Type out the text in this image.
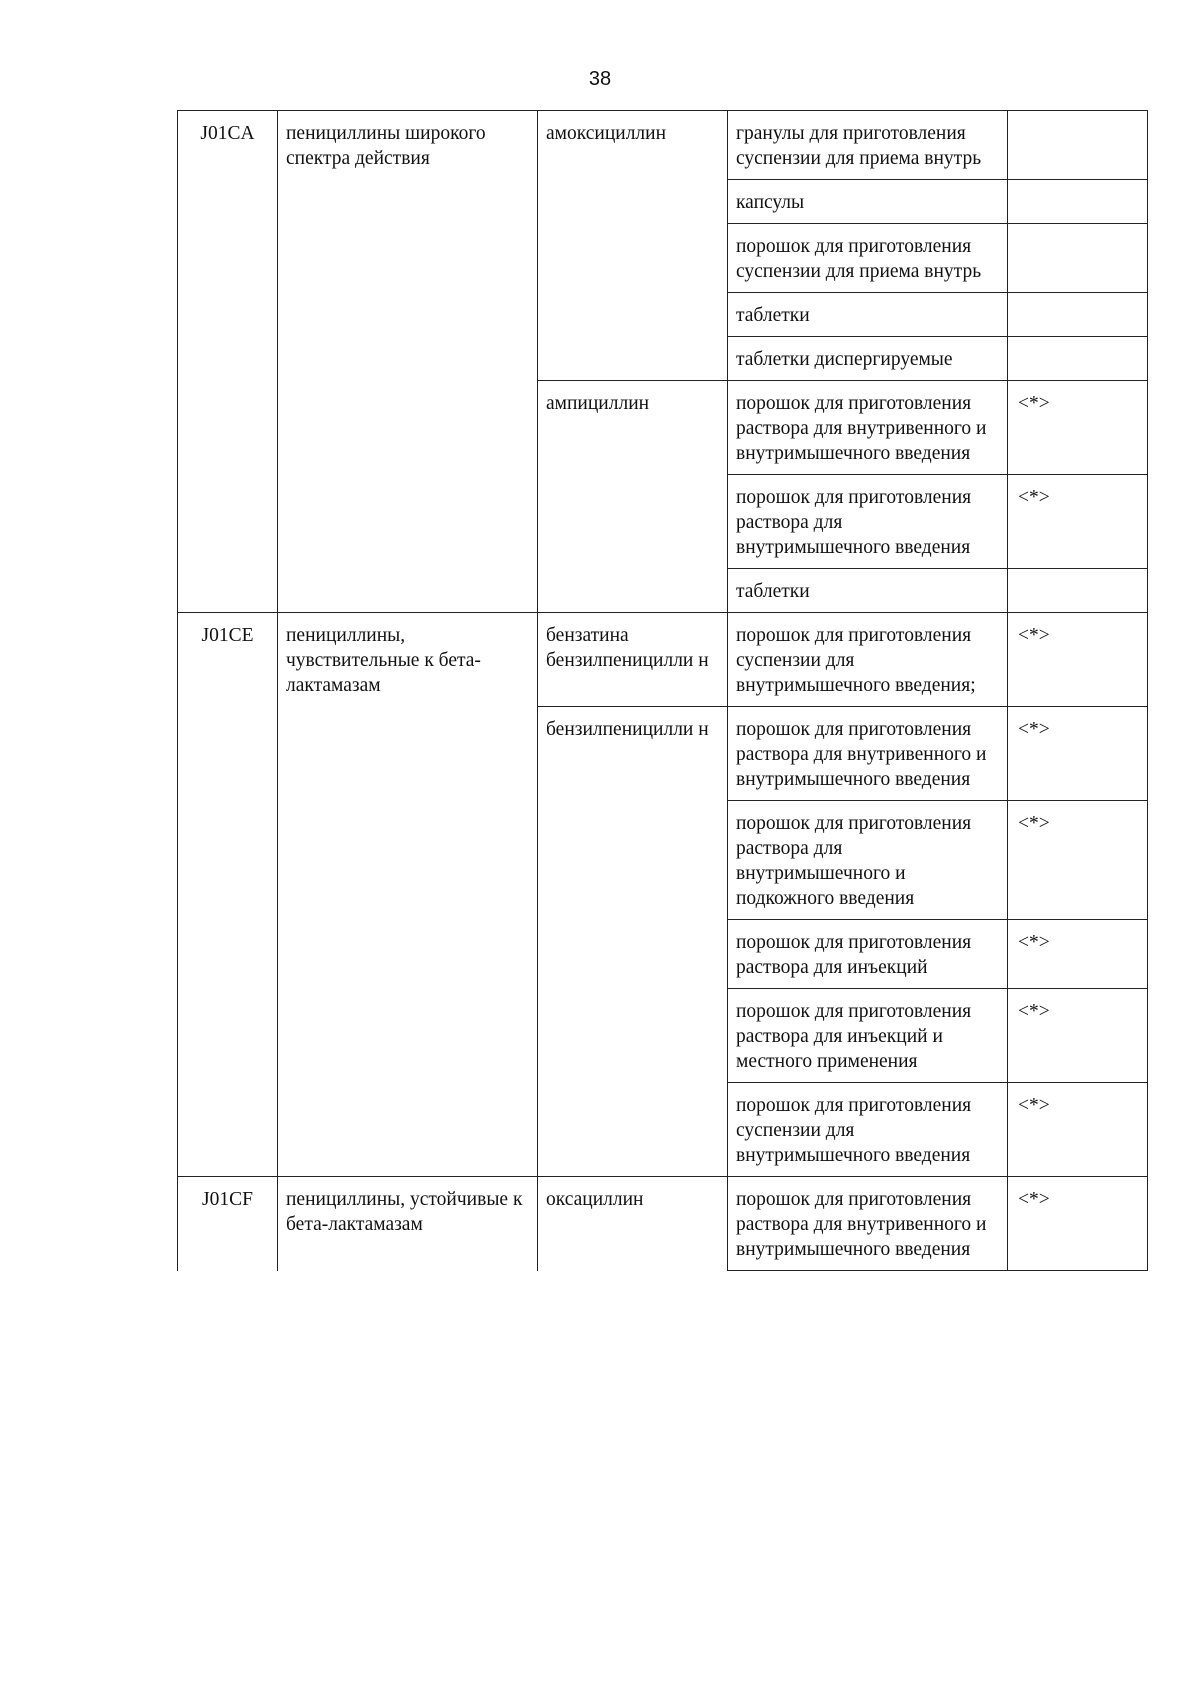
38
J01CA	пенициллины широкого спектра действия	амоксициллин	гранулы для приготовления суспензии для приема внутрь	
			капсулы	
			порошок для приготовления суспензии для приема внутрь	
			таблетки	
			таблетки диспергируемые	
		ампициллин	порошок для приготовления раствора для внутривенного и внутримышечного введения	<*>
			порошок для приготовления раствора для внутримышечного введения	<*>
			таблетки	
J01CE	пенициллины, чувствительные к бета-лактамазам	бензатина бензилпеницилли н	порошок для приготовления суспензии для внутримышечного введения;	<*>
		бензилпеницилли н	порошок для приготовления раствора для внутривенного и внутримышечного введения	<*>
			порошок для приготовления раствора для внутримышечного и подкожного введения	<*>
			порошок для приготовления раствора для инъекций	<*>
			порошок для приготовления раствора для инъекций и местного применения	<*>
			порошок для приготовления суспензии для внутримышечного введения	<*>
J01CF	пенициллины, устойчивые к бета-лактамазам	оксациллин	порошок для приготовления раствора для внутривенного и внутримышечного введения	<*>
